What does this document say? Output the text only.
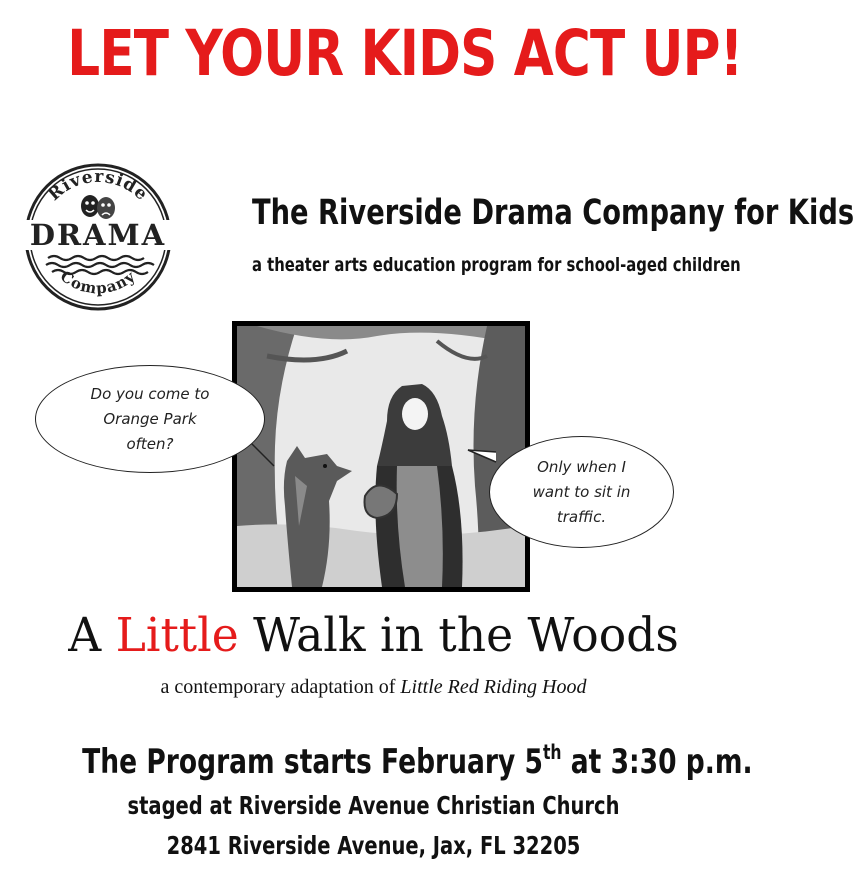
LET YOUR KIDS ACT UP!
Riverside
DRAMA
Company
The Riverside Drama Company for Kids
a theater arts education program for school-aged children
Do you come to
Orange Park
often?
Only when I
want to sit in
traffic.
A Little Walk in the Woods
a contemporary adaptation of Little Red Riding Hood
The Program starts February 5th at 3:30 p.m.
staged at Riverside Avenue Christian Church
2841 Riverside Avenue, Jax, FL 32205
